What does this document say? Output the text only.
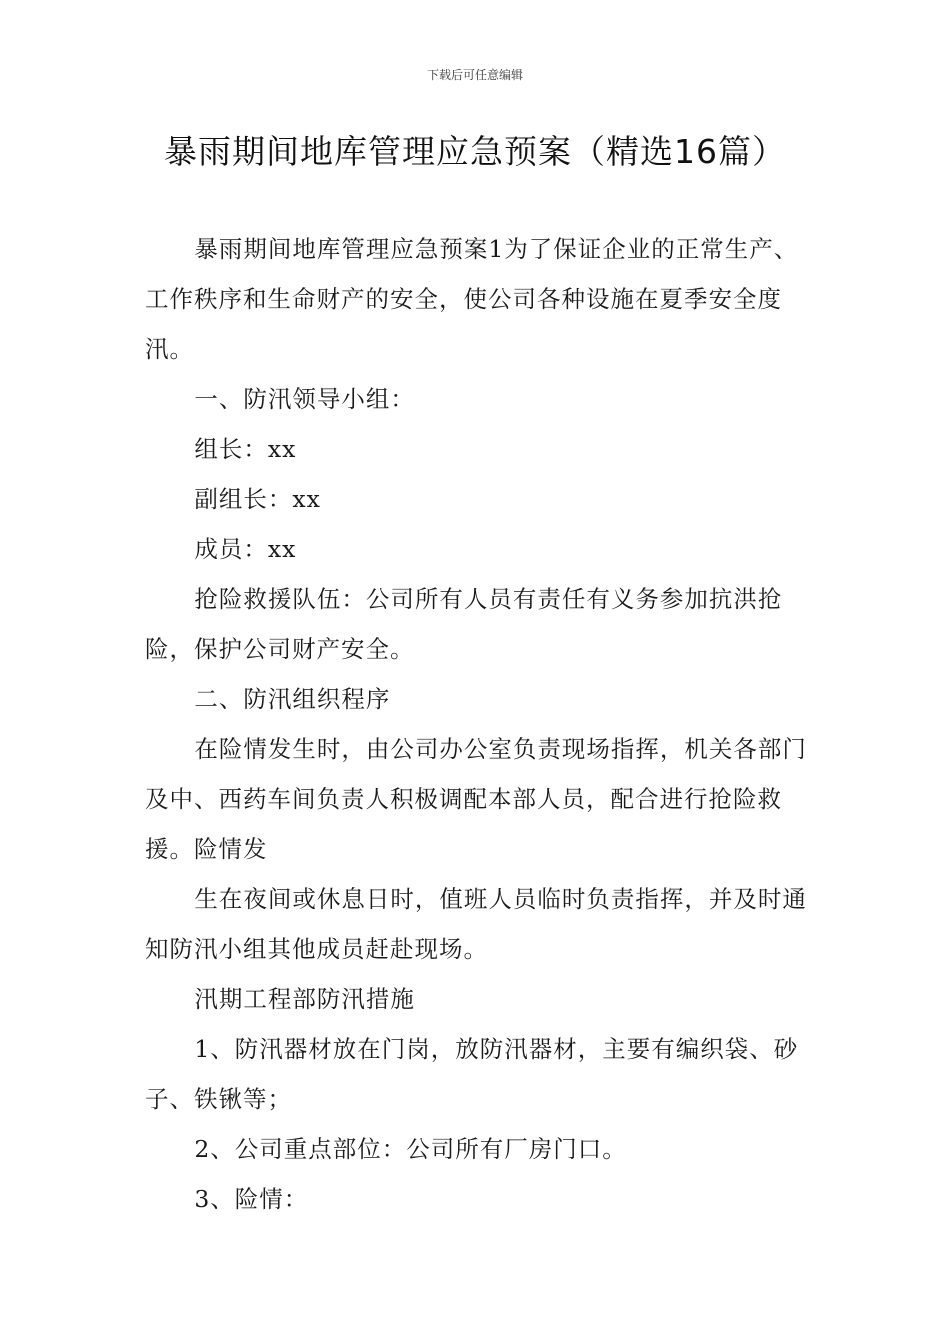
下载后可任意编辑
暴雨期间地库管理应急预案（精选16篇）

暴雨期间地库管理应急预案1为了保证企业的正常生产、工作秩序和生命财产的安全，使公司各种设施在夏季安全度汛。

一、防汛领导小组：

组长：xx

副组长：xx

成员：xx

抢险救援队伍：公司所有人员有责任有义务参加抗洪抢险，保护公司财产安全。

二、防汛组织程序

在险情发生时，由公司办公室负责现场指挥，机关各部门及中、西药车间负责人积极调配本部人员，配合进行抢险救援。险情发

生在夜间或休息日时，值班人员临时负责指挥，并及时通知防汛小组其他成员赶赴现场。

汛期工程部防汛措施

1、防汛器材放在门岗，放防汛器材，主要有编织袋、砂子、铁锹等；

2、公司重点部位：公司所有厂房门口。

3、险情：
